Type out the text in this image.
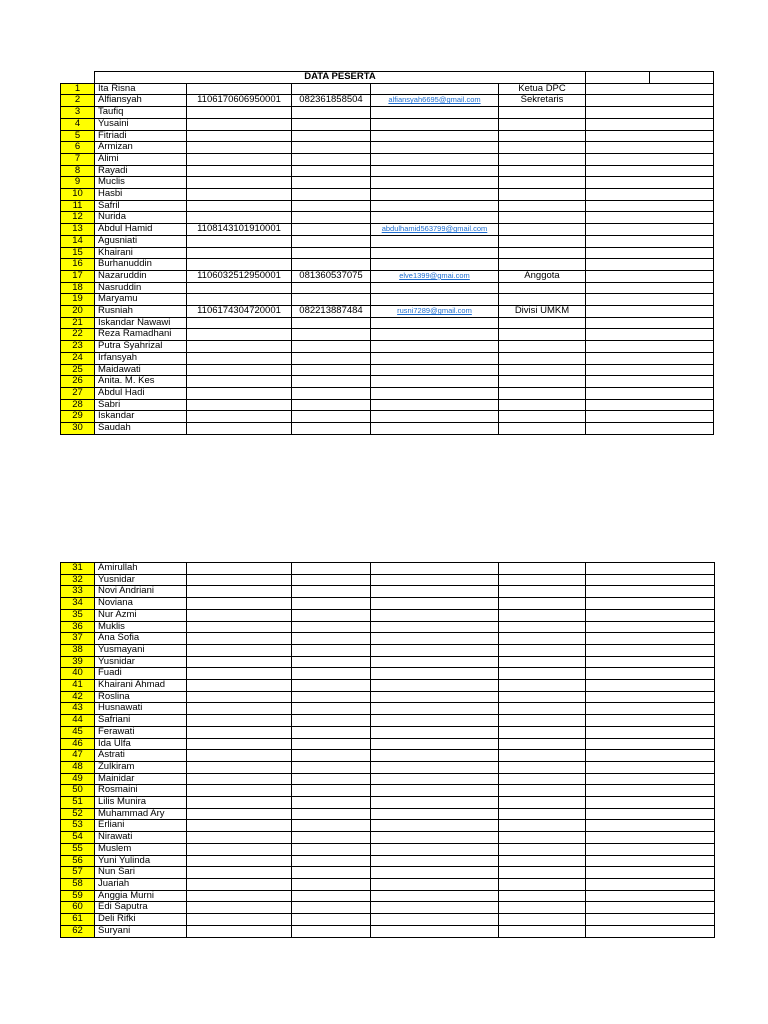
	DATA PESERTA						
1	Ita Risna				Ketua DPC		
2	Alfiansyah	1106170606950001	082361858504	alfiansyah6695@gmail.com	Sekretaris		
3	Taufiq						
4	Yusaini						
5	Fitriadi						
6	Armizan						
7	Alimi						
8	Rayadi						
9	Muclis						
10	Hasbi						
11	Safril						
12	Nurida						
13	Abdul Hamid	1108143101910001		abdulhamid563799@gmail.com			
14	Agusniati						
15	Khairani						
16	Burhanuddin						
17	Nazaruddin	1106032512950001	081360537075	elve1399@gmai.com	Anggota		
18	Nasruddin						
19	Maryamu						
20	Rusniah	1106174304720001	082213887484	rusni7289@gmail.com	Divisi UMKM		
21	Iskandar Nawawi						
22	Reza Ramadhani						
23	Putra Syahrizal						
24	Irfansyah						
25	Maidawati						
26	Anita. M. Kes						
27	Abdul Hadi						
28	Sabri						
29	Iskandar						
30	Saudah						
31	Amirullah					
32	Yusnidar					
33	Novi Andriani					
34	Noviana					
35	Nur Azmi					
36	Muklis					
37	Ana Sofia					
38	Yusmayani					
39	Yusnidar					
40	Fuadi					
41	Khairani Ahmad					
42	Roslina					
43	Husnawati					
44	Safriani					
45	Ferawati					
46	Ida Ulfa					
47	Astrati					
48	Zulkiram					
49	Mainidar					
50	Rosmaini					
51	Lilis Munira					
52	Muhammad Ary					
53	Erliani					
54	Nirawati					
55	Muslem					
56	Yuni Yulinda					
57	Nun Sari					
58	Juariah					
59	Anggia Murni					
60	Edi Saputra					
61	Deli Rifki					
62	Suryani					
